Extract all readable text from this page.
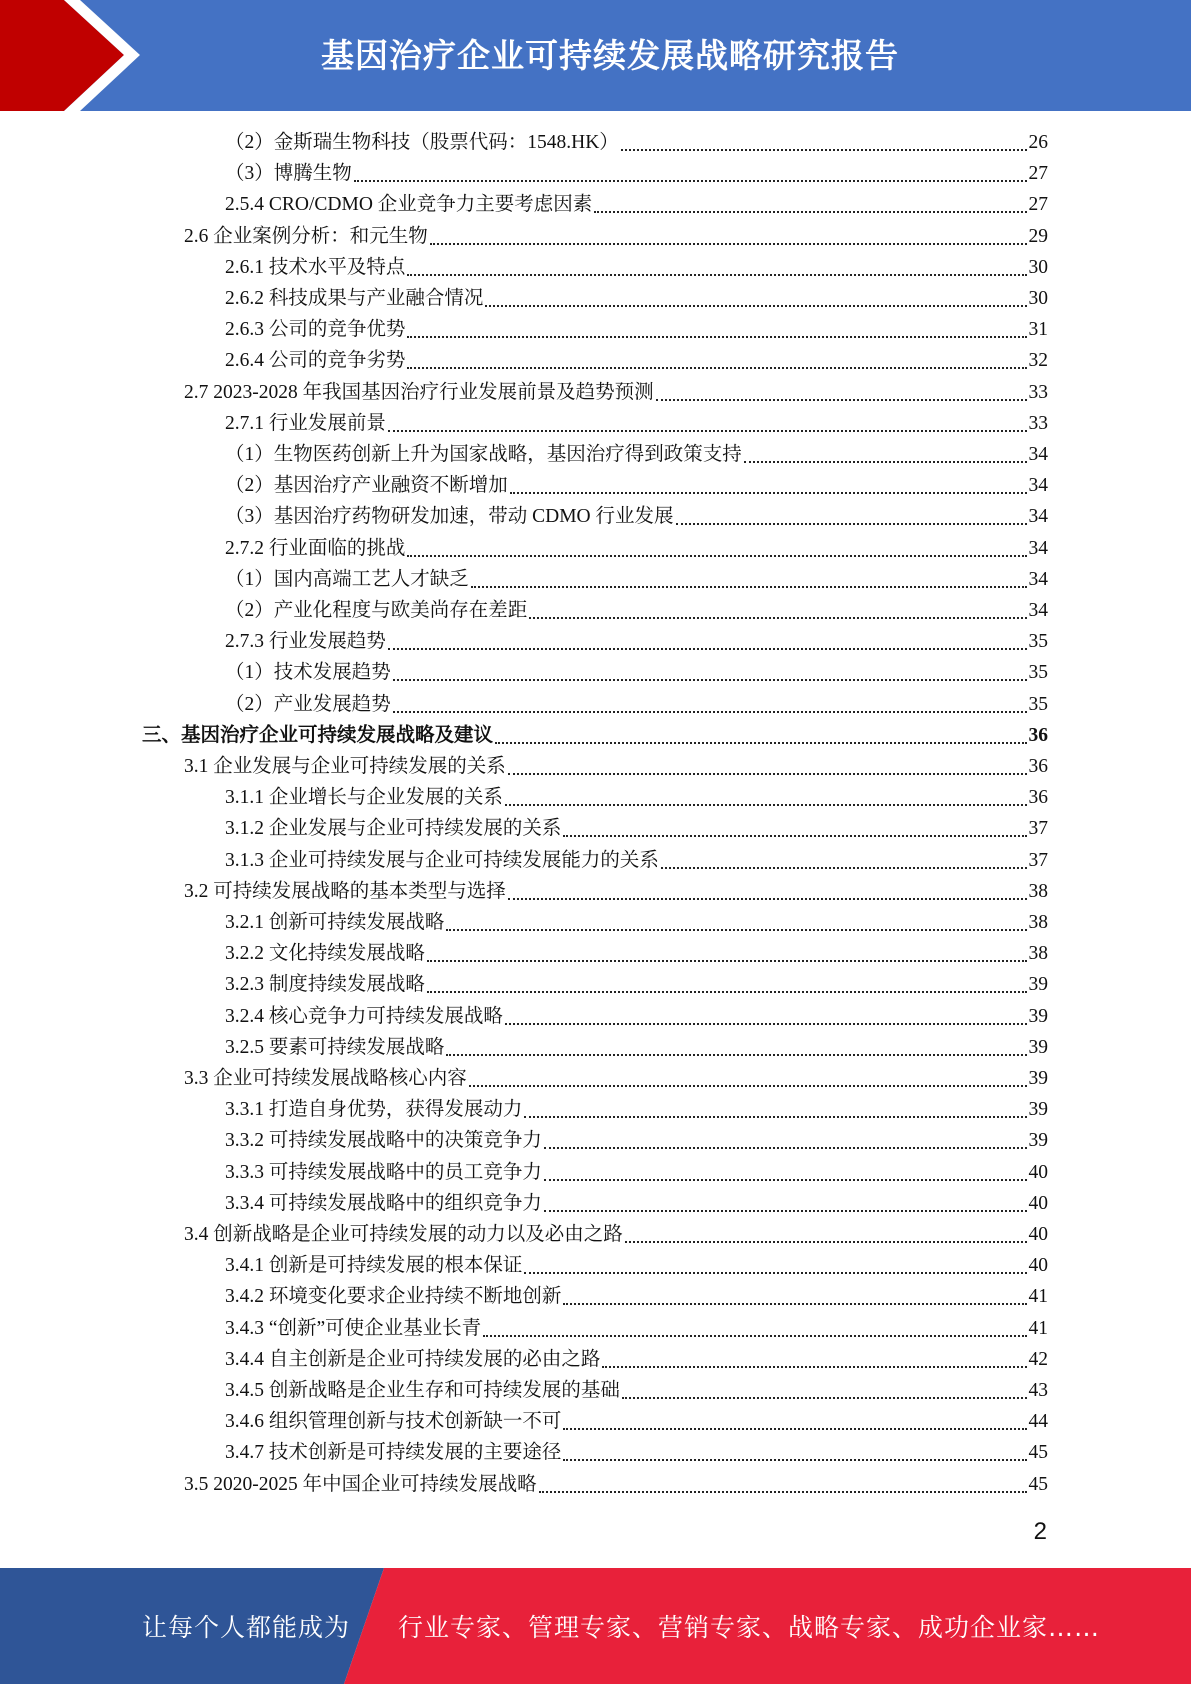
基因治疗企业可持续发展战略研究报告
（2）金斯瑞生物科技（股票代码：1548.HK）	26
（3）博腾生物	27
2.5.4 CRO/CDMO 企业竞争力主要考虑因素	27
2.6 企业案例分析：和元生物	29
2.6.1 技术水平及特点	30
2.6.2 科技成果与产业融合情况	30
2.6.3 公司的竞争优势	31
2.6.4 公司的竞争劣势	32
2.7 2023-2028 年我国基因治疗行业发展前景及趋势预测	33
2.7.1 行业发展前景	33
（1）生物医药创新上升为国家战略，基因治疗得到政策支持	34
（2）基因治疗产业融资不断增加	34
（3）基因治疗药物研发加速，带动 CDMO 行业发展	34
2.7.2 行业面临的挑战	34
（1）国内高端工艺人才缺乏	34
（2）产业化程度与欧美尚存在差距	34
2.7.3 行业发展趋势	35
（1）技术发展趋势	35
（2）产业发展趋势	35
三、基因治疗企业可持续发展战略及建议	36
3.1 企业发展与企业可持续发展的关系	36
3.1.1 企业增长与企业发展的关系	36
3.1.2 企业发展与企业可持续发展的关系	37
3.1.3 企业可持续发展与企业可持续发展能力的关系	37
3.2 可持续发展战略的基本类型与选择	38
3.2.1 创新可持续发展战略	38
3.2.2 文化持续发展战略	38
3.2.3 制度持续发展战略	39
3.2.4 核心竞争力可持续发展战略	39
3.2.5 要素可持续发展战略	39
3.3 企业可持续发展战略核心内容	39
3.3.1 打造自身优势，获得发展动力	39
3.3.2 可持续发展战略中的决策竞争力	39
3.3.3 可持续发展战略中的员工竞争力	40
3.3.4 可持续发展战略中的组织竞争力	40
3.4 创新战略是企业可持续发展的动力以及必由之路	40
3.4.1 创新是可持续发展的根本保证	40
3.4.2 环境变化要求企业持续不断地创新	41
3.4.3 “创新”可使企业基业长青	41
3.4.4 自主创新是企业可持续发展的必由之路	42
3.4.5 创新战略是企业生存和可持续发展的基础	43
3.4.6 组织管理创新与技术创新缺一不可	44
3.4.7 技术创新是可持续发展的主要途径	45
3.5 2020-2025 年中国企业可持续发展战略	45
2
让每个人都能成为 行业专家、管理专家、营销专家、战略专家、成功企业家……
